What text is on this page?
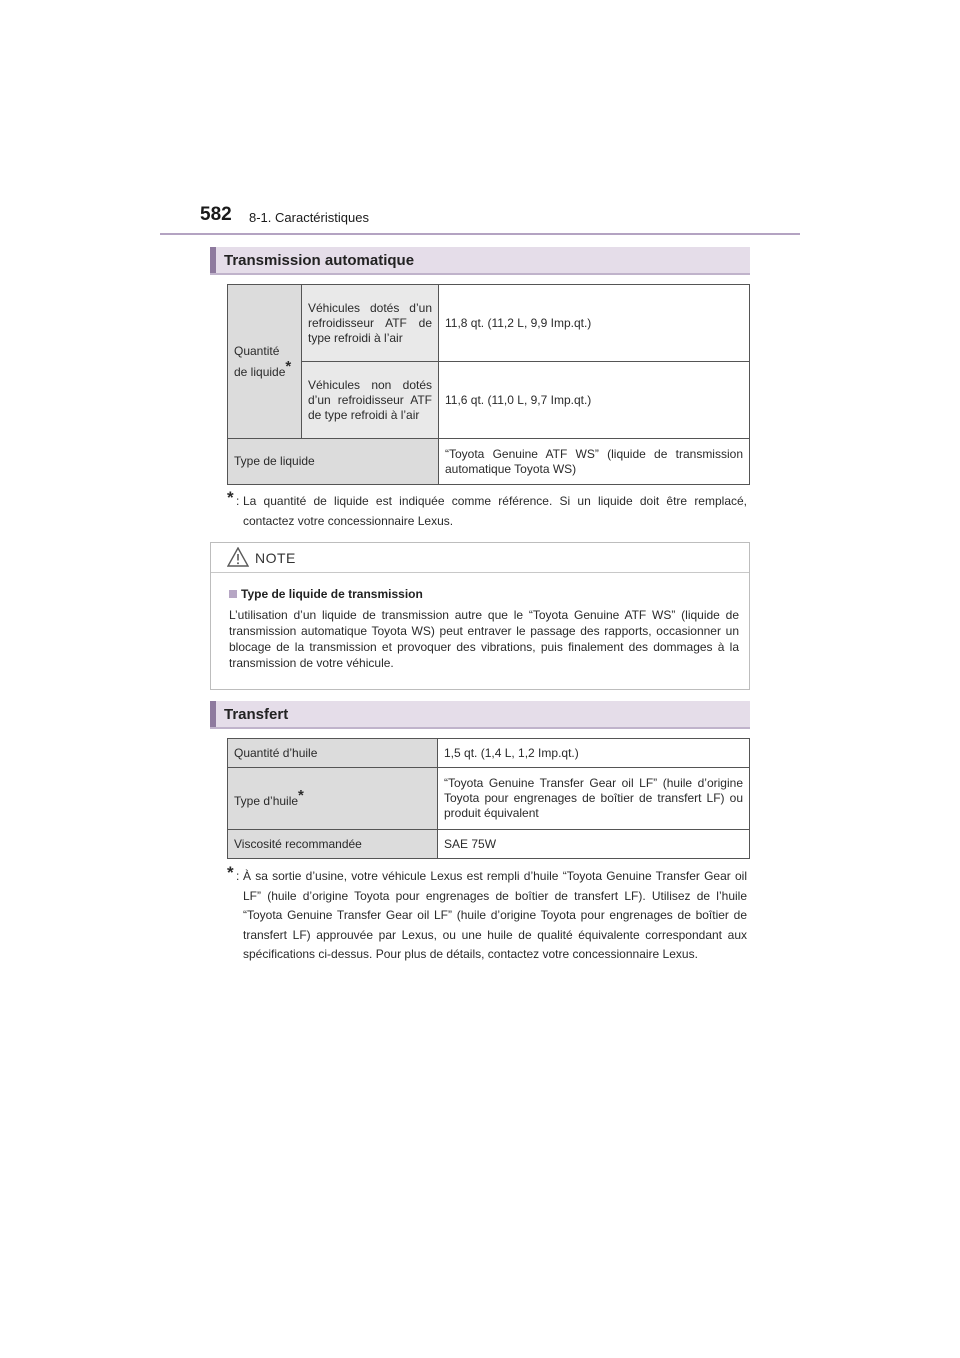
582 8-1. Caractéristiques
Transmission automatique
Quantité de liquide*	Véhicules dotés d’un refroidisseur ATF de type refroidi à l’air	11,8 qt. (11,2 L, 9,9 Imp.qt.)
	Véhicules non dotés d’un refroidisseur ATF de type refroidi à l’air	11,6 qt. (11,0 L, 9,7 Imp.qt.)
Type de liquide		“Toyota Genuine ATF WS” (liquide de transmission automatique Toyota WS)
* : La quantité de liquide est indiquée comme référence. Si un liquide doit être remplacé, contactez votre concessionnaire Lexus.
NOTE
Type de liquide de transmission
L’utilisation d’un liquide de transmission autre que le “Toyota Genuine ATF WS” (liquide de transmission automatique Toyota WS) peut entraver le passage des rapports, occasionner un blocage de la transmission et provoquer des vibrations, puis finalement des dommages à la transmission de votre véhicule.
Transfert
Quantité d’huile	1,5 qt. (1,4 L, 1,2 Imp.qt.)
Type d’huile*	“Toyota Genuine Transfer Gear oil LF” (huile d’origine Toyota pour engrenages de boîtier de transfert LF) ou produit équivalent
Viscosité recommandée	SAE 75W
* : À sa sortie d’usine, votre véhicule Lexus est rempli d’huile “Toyota Genuine Transfer Gear oil LF” (huile d’origine Toyota pour engrenages de boîtier de transfert LF). Utilisez de l’huile “Toyota Genuine Transfer Gear oil LF” (huile d’origine Toyota pour engrenages de boîtier de transfert LF) approuvée par Lexus, ou une huile de qualité équivalente correspondant aux spécifications ci-dessus. Pour plus de détails, contactez votre concessionnaire Lexus.
